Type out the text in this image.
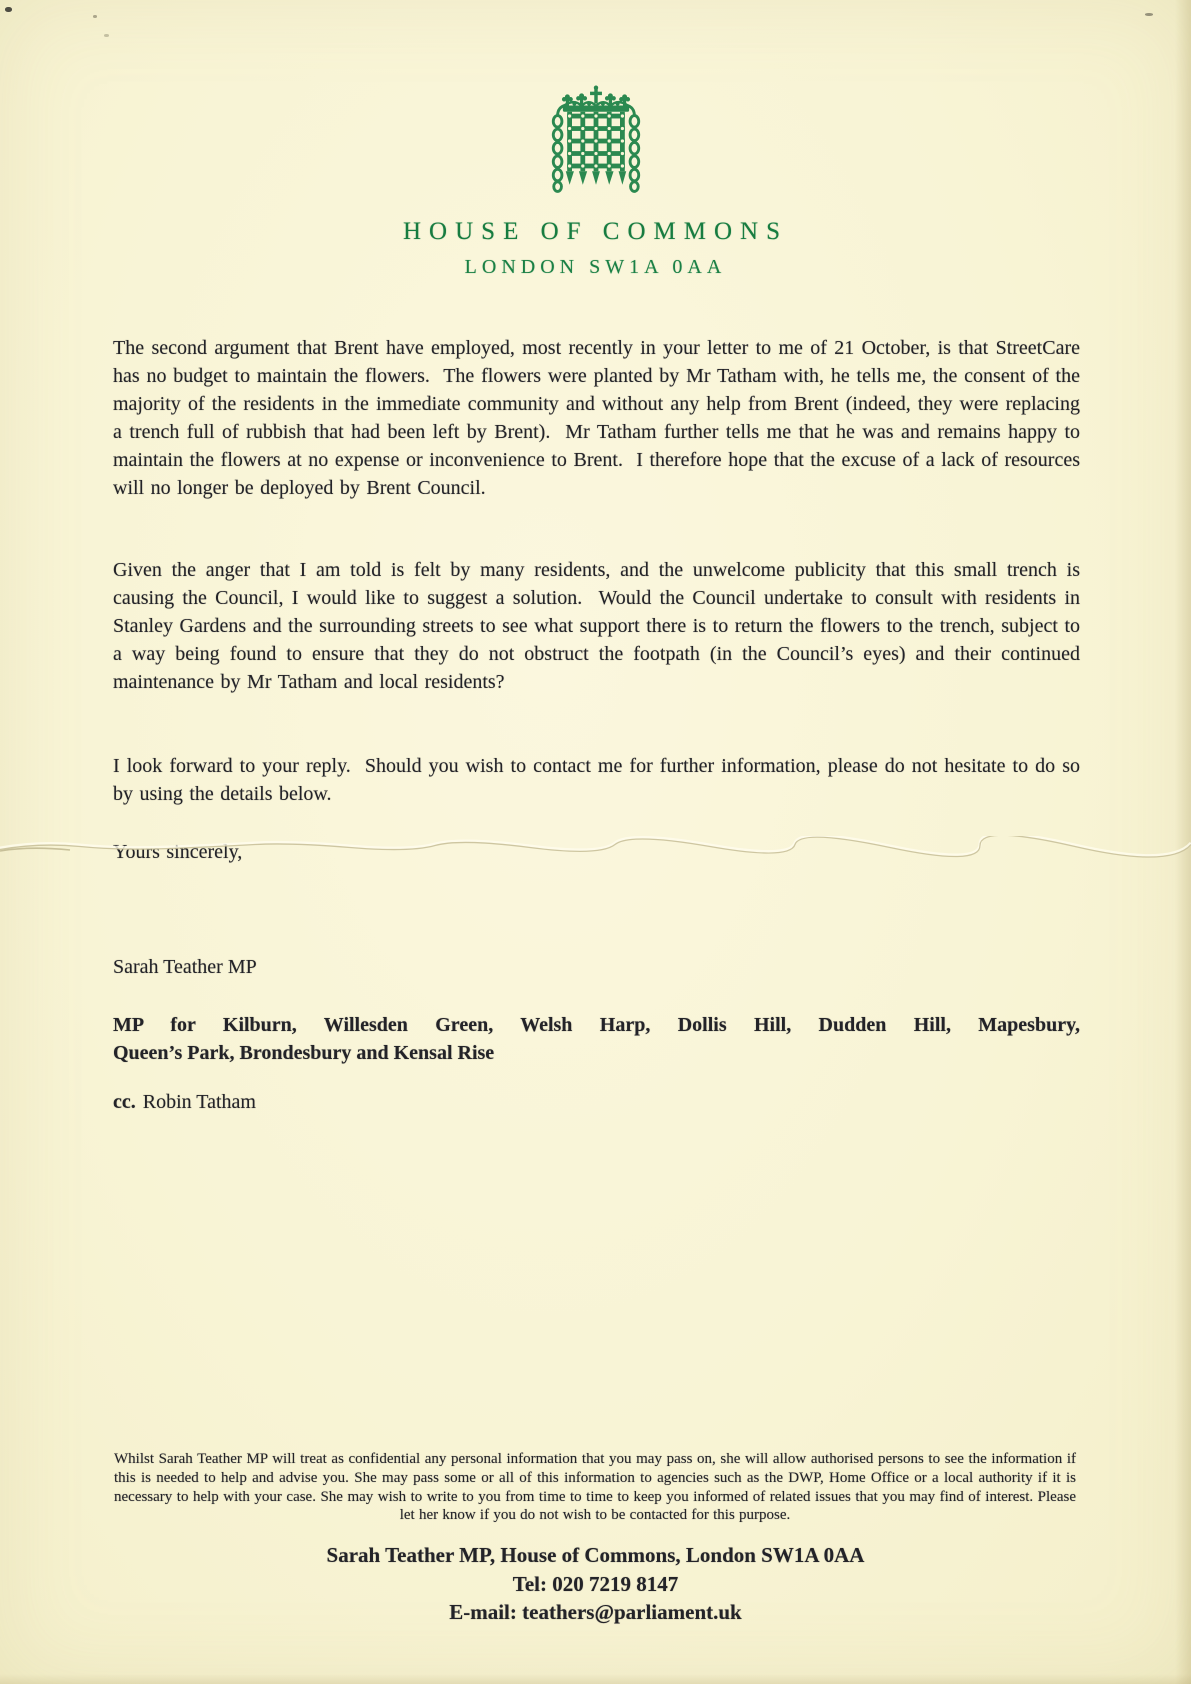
HOUSE OF COMMONS
LONDON SW1A 0AA

The second argument that Brent have employed, most recently in your letter to me of 21 October, is that StreetCare has no budget to maintain the flowers.  The flowers were planted by Mr Tatham with, he tells me, the consent of the majority of the residents in the immediate community and without any help from Brent (indeed, they were replacing a trench full of rubbish that had been left by Brent).  Mr Tatham further tells me that he was and remains happy to maintain the flowers at no expense or inconvenience to Brent.  I therefore hope that the excuse of a lack of resources will no longer be deployed by Brent Council.

Given the anger that I am told is felt by many residents, and the unwelcome publicity that this small trench is causing the Council, I would like to suggest a solution.  Would the Council undertake to consult with residents in Stanley Gardens and the surrounding streets to see what support there is to return the flowers to the trench, subject to a way being found to ensure that they do not obstruct the footpath (in the Council’s eyes) and their continued maintenance by Mr Tatham and local residents?

I look forward to your reply.  Should you wish to contact me for further information, please do not hesitate to do so by using the details below.

Yours sincerely,

Sarah Teather MP
MP for Kilburn, Willesden Green, Welsh Harp, Dollis Hill, Dudden Hill, Mapesbury,
Queen’s Park, Brondesbury and Kensal Rise
cc. Robin Tatham
Whilst Sarah Teather MP will treat as confidential any personal information that you may pass on, she will allow authorised persons to see the information if this is needed to help and advise you. She may pass some or all of this information to agencies such as the DWP, Home Office or a local authority if it is necessary to help with your case. She may wish to write to you from time to time to keep you informed of related issues that you may find of interest. Please let her know if you do not wish to be contacted for this purpose.
Sarah Teather MP, House of Commons, London SW1A 0AA
Tel: 020 7219 8147
E-mail: teathers@parliament.uk
